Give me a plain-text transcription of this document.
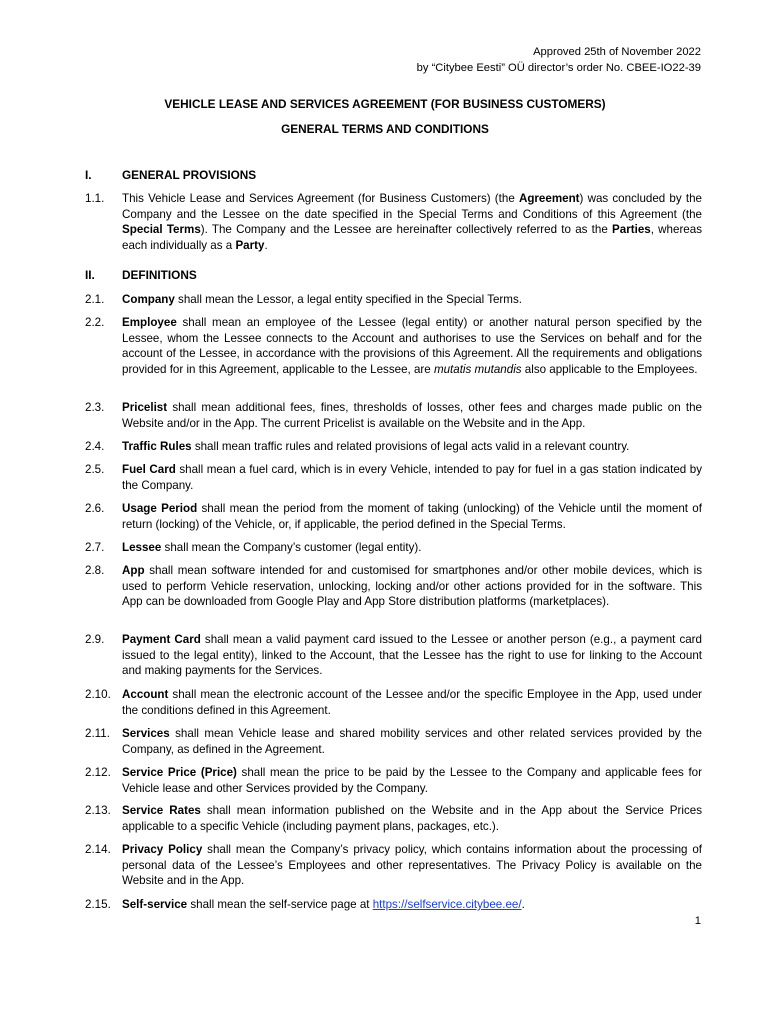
Approved 25th of November 2022
by “Citybee Eesti” OÜ director’s order No. CBEE-IO22-39
VEHICLE LEASE AND SERVICES AGREEMENT (FOR BUSINESS CUSTOMERS)
GENERAL TERMS AND CONDITIONS
I.	GENERAL PROVISIONS
1.1.	This Vehicle Lease and Services Agreement (for Business Customers) (the Agreement) was concluded by the Company and the Lessee on the date specified in the Special Terms and Conditions of this Agreement (the Special Terms). The Company and the Lessee are hereinafter collectively referred to as the Parties, whereas each individually as a Party.
II. DEFINITIONS
2.1.	Company shall mean the Lessor, a legal entity specified in the Special Terms.
2.2.	Employee shall mean an employee of the Lessee (legal entity) or another natural person specified by the Lessee, whom the Lessee connects to the Account and authorises to use the Services on behalf and for the account of the Lessee, in accordance with the provisions of this Agreement. All the requirements and obligations provided for in this Agreement, applicable to the Lessee, are mutatis mutandis also applicable to the Employees.
2.3.	Pricelist shall mean additional fees, fines, thresholds of losses, other fees and charges made public on the Website and/or in the App. The current Pricelist is available on the Website and in the App.
2.4.	Traffic Rules shall mean traffic rules and related provisions of legal acts valid in a relevant country.
2.5.	Fuel Card shall mean a fuel card, which is in every Vehicle, intended to pay for fuel in a gas station indicated by the Company.
2.6.	Usage Period shall mean the period from the moment of taking (unlocking) of the Vehicle until the moment of return (locking) of the Vehicle, or, if applicable, the period defined in the Special Terms.
2.7.	Lessee shall mean the Company’s customer (legal entity).
2.8.	App shall mean software intended for and customised for smartphones and/or other mobile devices, which is used to perform Vehicle reservation, unlocking, locking and/or other actions provided for in the software. This App can be downloaded from Google Play and App Store distribution platforms (marketplaces).
2.9.	Payment Card shall mean a valid payment card issued to the Lessee or another person (e.g., a payment card issued to the legal entity), linked to the Account, that the Lessee has the right to use for linking to the Account and making payments for the Services.
2.10. Account shall mean the electronic account of the Lessee and/or the specific Employee in the App, used under the conditions defined in this Agreement.
2.11.	Services shall mean Vehicle lease and shared mobility services and other related services provided by the Company, as defined in the Agreement.
2.12. Service Price (Price) shall mean the price to be paid by the Lessee to the Company and applicable fees for Vehicle lease and other Services provided by the Company.
2.13. Service Rates shall mean information published on the Website and in the App about the Service Prices applicable to a specific Vehicle (including payment plans, packages, etc.).
2.14. Privacy Policy shall mean the Company’s privacy policy, which contains information about the processing of personal data of the Lessee’s Employees and other representatives. The Privacy Policy is available on the Website and in the App.
2.15. Self-service shall mean the self-service page at https://selfservice.citybee.ee/.
1
